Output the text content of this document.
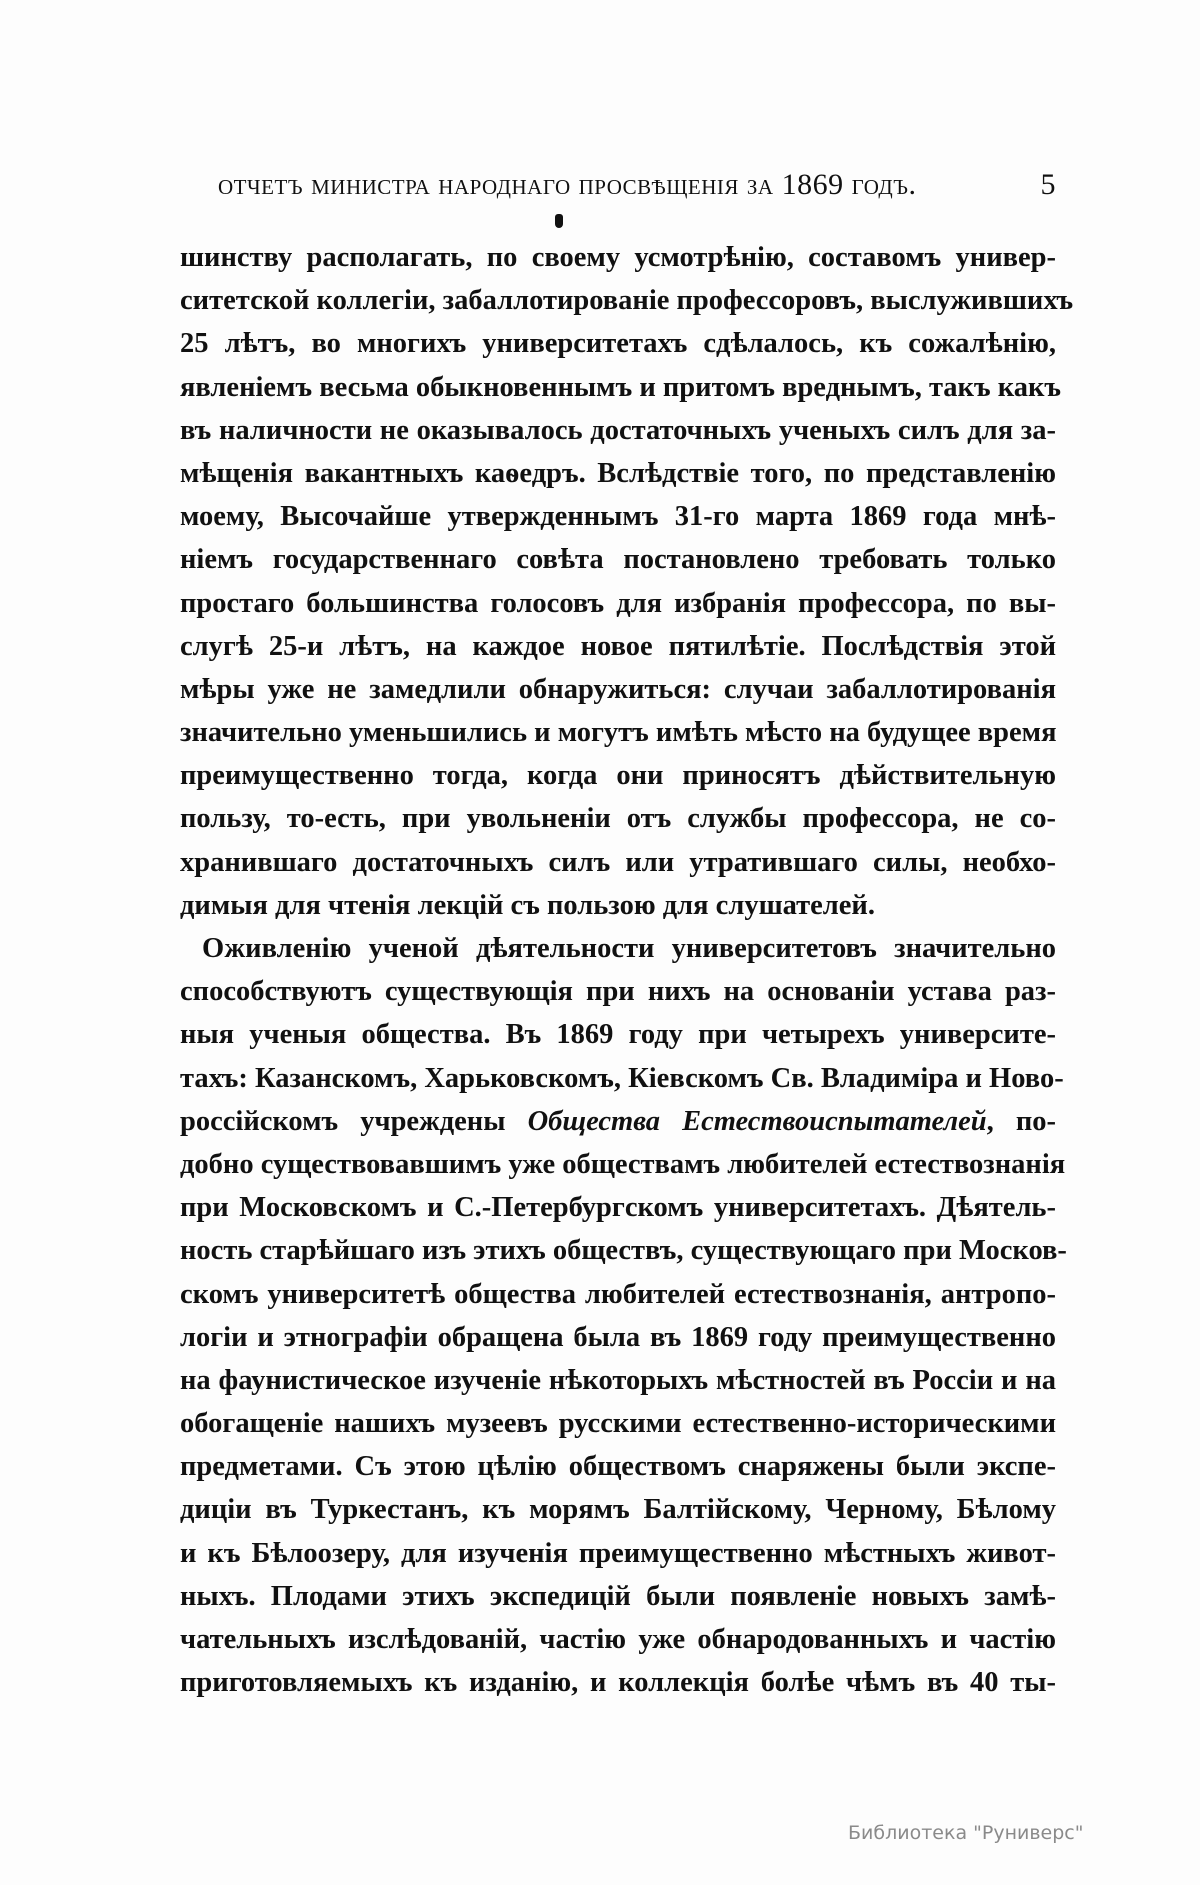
отчетъ министра народнаго просвѣщенія за 1869 годъ.	5
шинству располагать, по своему усмотрѣнію, составомъ универ-
ситетской коллегіи, забаллотированіе профессоровъ, выслужившихъ
25 лѣтъ, во многихъ университетахъ сдѣлалось, къ сожалѣнію,
явленіемъ весьма обыкновеннымъ и притомъ вреднымъ, такъ какъ
въ наличности не оказывалось достаточныхъ ученыхъ силъ для за-
мѣщенія вакантныхъ каѳедръ. Вслѣдствіе того, по представленію
моему, Высочайше утвержденнымъ 31-го марта 1869 года мнѣ-
ніемъ государственнаго совѣта постановлено требовать только
простаго большинства голосовъ для избранія профессора, по вы-
слугѣ 25-и лѣтъ, на каждое новое пятилѣтіе. Послѣдствія этой
мѣры уже не замедлили обнаружиться: случаи забаллотированія
значительно уменьшились и могутъ имѣть мѣсто на будущее время
преимущественно тогда, когда они приносятъ дѣйствительную
пользу, то-есть, при увольненіи отъ службы профессора, не со-
хранившаго достаточныхъ силъ или утратившаго силы, необхо-
димыя для чтенія лекцій съ пользою для слушателей.
Оживленію ученой дѣятельности университетовъ значительно
способствуютъ существующія при нихъ на основаніи устава раз-
ныя ученыя общества. Въ 1869 году при четырехъ университе-
тахъ: Казанскомъ, Харьковскомъ, Кіевскомъ Св. Владиміра и Ново-
россійскомъ учреждены Общества Естествоиспытателей, по-
добно существовавшимъ уже обществамъ любителей естествознанія
при Московскомъ и С.-Петербургскомъ университетахъ. Дѣятель-
ность старѣйшаго изъ этихъ обществъ, существующаго при Москов-
скомъ университетѣ общества любителей естествознанія, антропо-
логіи и этнографіи обращена была въ 1869 году преимущественно
на фаунистическое изученіе нѣкоторыхъ мѣстностей въ Россіи и на
обогащеніе нашихъ музеевъ русскими естественно-историческими
предметами. Съ этою цѣлію обществомъ снаряжены были экспе-
диціи въ Туркестанъ, къ морямъ Балтійскому, Черному, Бѣлому
и къ Бѣлоозеру, для изученія преимущественно мѣстныхъ живот-
ныхъ. Плодами этихъ экспедицій были появленіе новыхъ замѣ-
чательныхъ изслѣдованій, частію уже обнародованныхъ и частію
приготовляемыхъ къ изданію, и коллекція болѣе чѣмъ въ 40 ты-
Библиотека "Руниверс"
